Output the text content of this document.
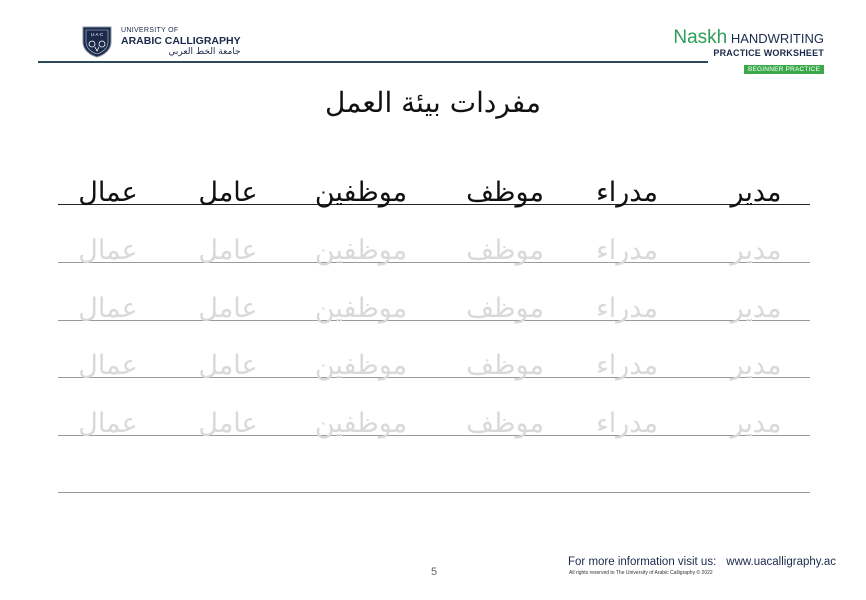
U·A·C
UNIVERSITY OF
ARABIC CALLIGRAPHY
جامعة الخط العربي
Naskh HANDWRITING
PRACTICE WORKSHEET
BEGINNER PRACTICE
مفردات بيئة العمل
مدير
مدراء
موظف
موظفين
عامل
عمال
مدير
مدراء
موظف
موظفين
عامل
عمال
مدير
مدراء
موظف
موظفين
عامل
عمال
مدير
مدراء
موظف
موظفين
عامل
عمال
مدير
مدراء
موظف
موظفين
عامل
عمال
For more information visit us: www.uacalligraphy.ac
All rights reserved to The University of Arabic Calligraphy © 2022
5
